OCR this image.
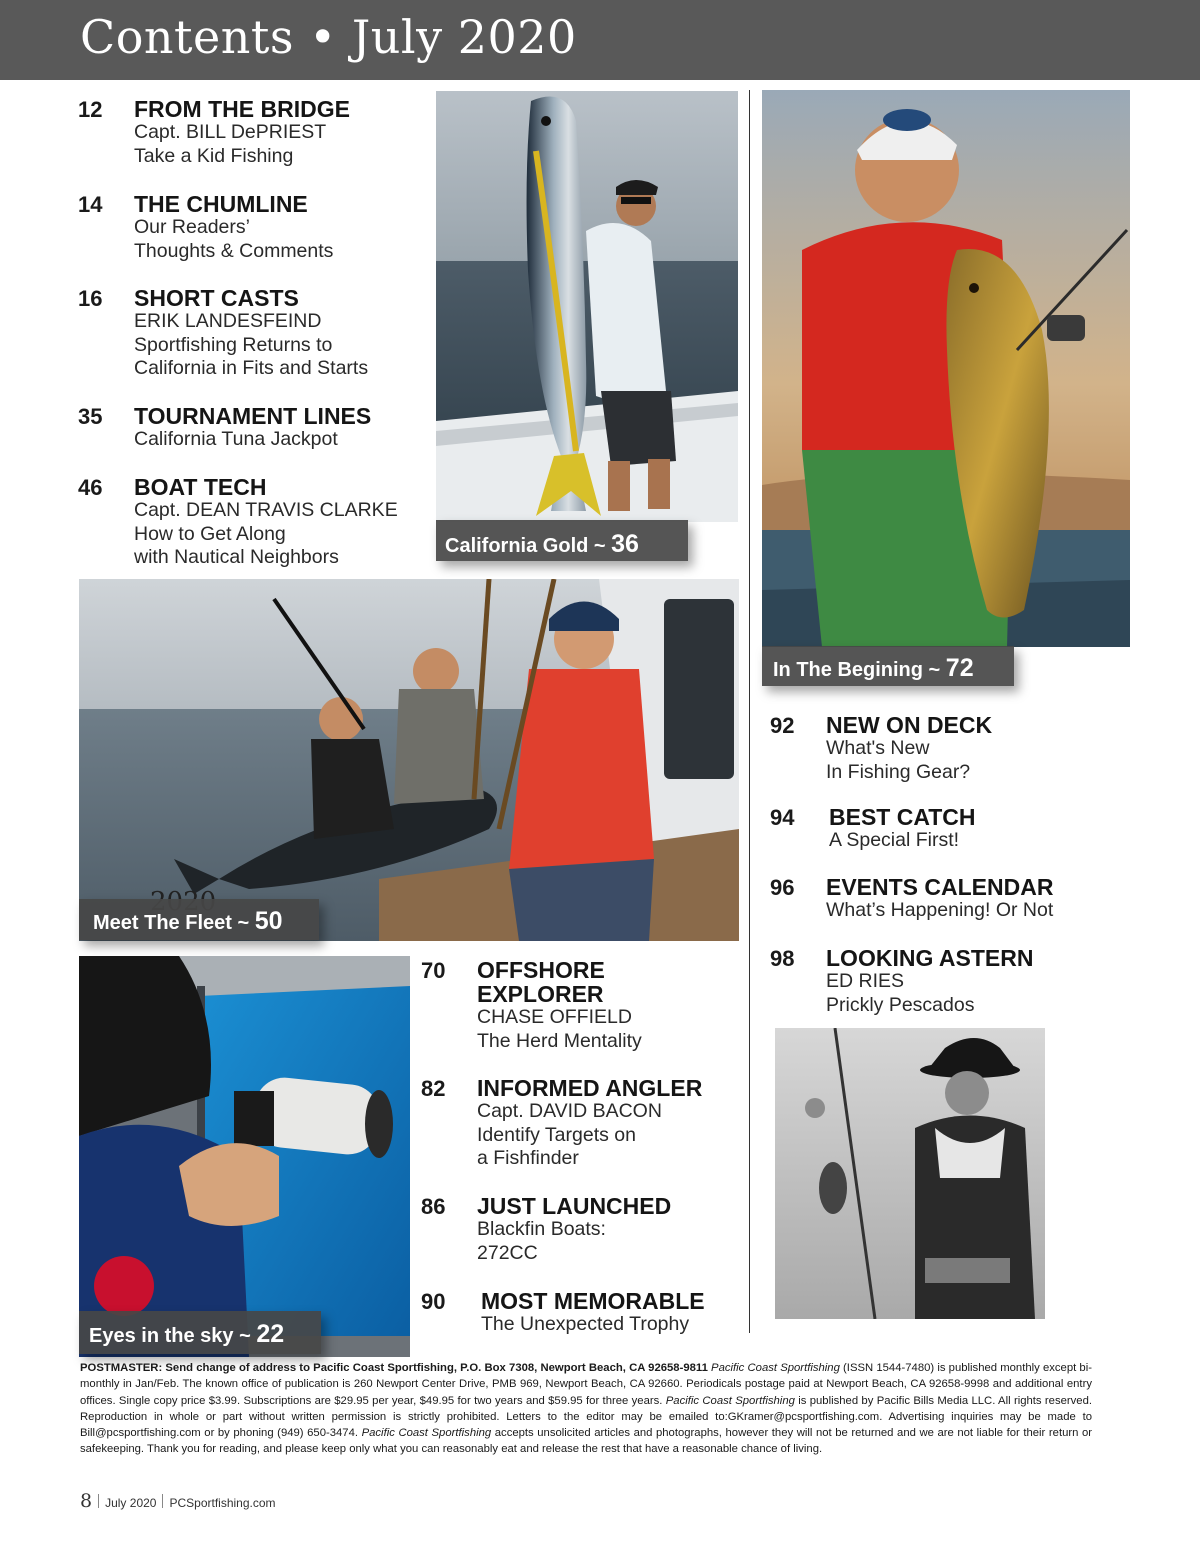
Contents • July 2020
12 FROM THE BRIDGE
Capt. BILL DePRIEST
Take a Kid Fishing
14 THE CHUMLINE
Our Readers’
Thoughts & Comments
16 SHORT CASTS
ERIK LANDESFEIND
Sportfishing Returns to
California in Fits and Starts
35 TOURNAMENT LINES
California Tuna Jackpot
46 BOAT TECH
Capt. DEAN TRAVIS CLARKE
How to Get Along
with Nautical Neighbors	California Gold ~ 36
In The Begining ~ 72
Meet The Fleet ~ 50
Eyes in the sky ~ 22
70 OFFSHORE
EXPLORER
CHASE OFFIELD
The Herd Mentality
82 INFORMED ANGLER
Capt. DAVID BACON
Identify Targets on
a Fishfinder
86 JUST LAUNCHED
Blackfin Boats:
272CC
90 MOST MEMORABLE
The Unexpected Trophy
92 NEW ON DECK
What's New
In Fishing Gear?
94 BEST CATCH
A Special First!
96 EVENTS CALENDAR
What’s Happening! Or Not
98 LOOKING ASTERN
ED RIES
Prickly Pescados
POSTMASTER: Send change of address to Pacific Coast Sportfishing, P.O. Box 7308, Newport Beach, CA 92658-9811 Pacific Coast Sportfishing (ISSN 1544-7480) is published monthly except bi-monthly in Jan/Feb. The known office of publication is 260 Newport Center Drive, PMB 969, Newport Beach, CA 92660. Periodicals postage paid at Newport Beach, CA 92658-9998 and additional entry offices. Single copy price $3.99. Subscriptions are $29.95 per year, $49.95 for two years and $59.95 for three years. Pacific Coast Sportfishing is published by Pacific Bills Media LLC. All rights reserved. Reproduction in whole or part without written permission is strictly prohibited. Letters to the editor may be emailed to:GKramer@pcsportfishing.com. Advertising inquiries may be made to Bill@pcsportfishing.com or by phoning (949) 650-3474. Pacific Coast Sportfishing accepts unsolicited articles and photographs, however they will not be returned and we are not liable for their return or safekeeping. Thank you for reading, and please keep only what you can reasonably eat and release the rest that have a reasonable chance of living.
8 July 2020 PCSportfishing.com
